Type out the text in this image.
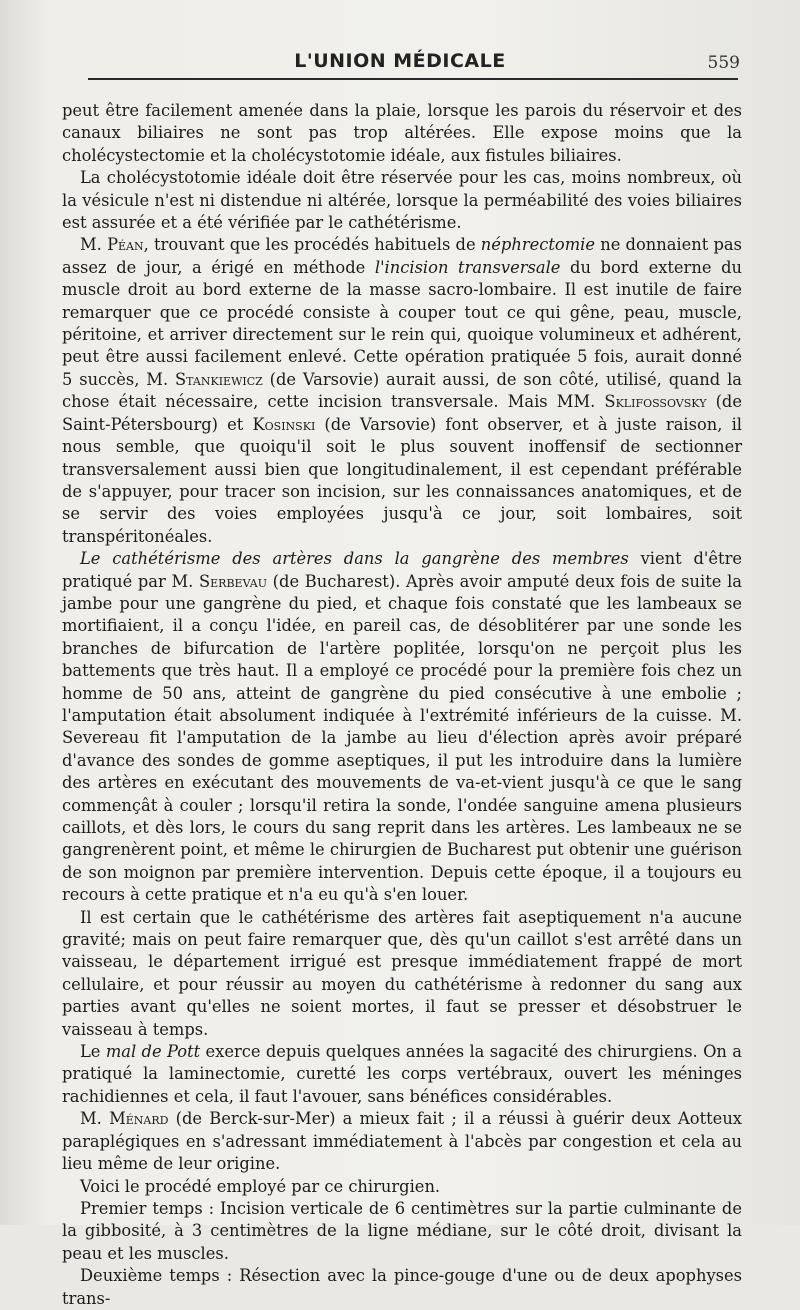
L'UNION MÉDICALE	559

peut être facilement amenée dans la plaie, lorsque les parois du réservoir et des canaux biliaires ne sont pas trop altérées. Elle expose moins que la cholécystectomie et la cholécystotomie idéale, aux fistules biliaires.

La cholécystotomie idéale doit être réservée pour les cas, moins nombreux, où la vésicule n'est ni distendue ni altérée, lorsque la perméabilité des voies biliaires est assurée et a été vérifiée par le cathétérisme.

M. Péan, trouvant que les procédés habituels de néphrectomie ne donnaient pas assez de jour, a érigé en méthode l'incision transversale du bord externe du muscle droit au bord externe de la masse sacro-lombaire. Il est inutile de faire remarquer que ce procédé consiste à couper tout ce qui gêne, peau, muscle, péritoine, et arriver directement sur le rein qui, quoique volumineux et adhérent, peut être aussi facilement enlevé. Cette opération pratiquée 5 fois, aurait donné 5 succès, M. Stankiewicz (de Varsovie) aurait aussi, de son côté, utilisé, quand la chose était nécessaire, cette incision transversale. Mais MM. Sklifossovsky (de Saint-Pétersbourg) et Kosinski (de Varsovie) font observer, et à juste raison, il nous semble, que quoiqu'il soit le plus souvent inoffensif de sectionner transversalement aussi bien que longitudinalement, il est cependant préférable de s'appuyer, pour tracer son incision, sur les connaissances anatomiques, et de se servir des voies employées jusqu'à ce jour, soit lombaires, soit transpéritonéales.

Le cathétérisme des artères dans la gangrène des membres vient d'être pratiqué par M. Serbevau (de Bucharest). Après avoir amputé deux fois de suite la jambe pour une gangrène du pied, et chaque fois constaté que les lambeaux se mortifiaient, il a conçu l'idée, en pareil cas, de désoblitérer par une sonde les branches de bifurcation de l'artère poplitée, lorsqu'on ne perçoit plus les battements que très haut. Il a employé ce procédé pour la première fois chez un homme de 50 ans, atteint de gangrène du pied consécutive à une embolie ; l'amputation était absolument indiquée à l'extrémité inférieurs de la cuisse. M. Severeau fit l'amputation de la jambe au lieu d'élection après avoir préparé d'avance des sondes de gomme aseptiques, il put les introduire dans la lumière des artères en exécutant des mouvements de va-et-vient jusqu'à ce que le sang commençât à couler ; lorsqu'il retira la sonde, l'ondée sanguine amena plusieurs caillots, et dès lors, le cours du sang reprit dans les artères. Les lambeaux ne se gangrenèrent point, et même le chirurgien de Bucharest put obtenir une guérison de son moignon par première intervention. Depuis cette époque, il a toujours eu recours à cette pratique et n'a eu qu'à s'en louer.

Il est certain que le cathétérisme des artères fait aseptiquement n'a aucune gravité; mais on peut faire remarquer que, dès qu'un caillot s'est arrêté dans un vaisseau, le département irrigué est presque immédiatement frappé de mort cellulaire, et pour réussir au moyen du cathétérisme à redonner du sang aux parties avant qu'elles ne soient mortes, il faut se presser et désobstruer le vaisseau à temps.

Le mal de Pott exerce depuis quelques années la sagacité des chirurgiens. On a pratiqué la laminectomie, curetté les corps vertébraux, ouvert les méninges rachidiennes et cela, il faut l'avouer, sans bénéfices considérables.

M. Ménard (de Berck-sur-Mer) a mieux fait ; il a réussi à guérir deux Aotteux paraplégiques en s'adressant immédiatement à l'abcès par congestion et cela au lieu même de leur origine.

Voici le procédé employé par ce chirurgien.

Premier temps : Incision verticale de 6 centimètres sur la partie culminante de la gibbosité, à 3 centimètres de la ligne médiane, sur le côté droit, divisant la peau et les muscles.

Deuxième temps : Résection avec la pince-gouge d'une ou de deux apophyses trans-
